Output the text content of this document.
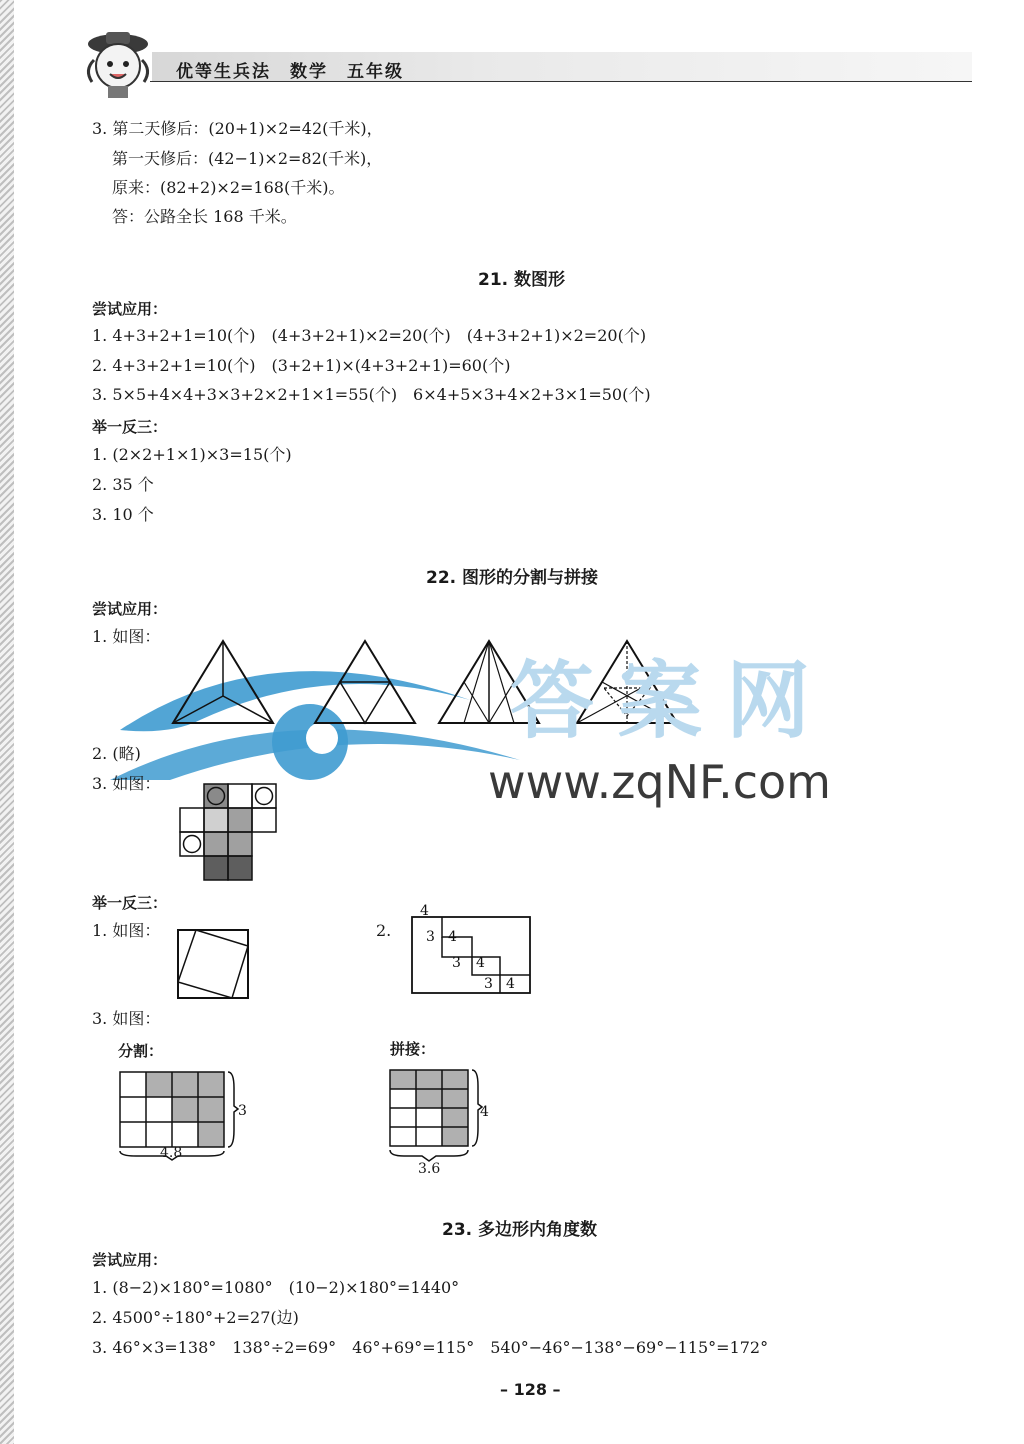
优等生兵法　数学　五年级
3. 第二天修后：(20+1)×2=42(千米)，
第一天修后：(42−1)×2=82(千米)，
原来：(82+2)×2=168(千米)。
答：公路全长 168 千米。
21. 数图形
尝试应用：
1. 4+3+2+1=10(个)　(4+3+2+1)×2=20(个)　(4+3+2+1)×2=20(个)
2. 4+3+2+1=10(个)　(3+2+1)×(4+3+2+1)=60(个)
3. 5×5+4×4+3×3+2×2+1×1=55(个)　6×4+5×3+4×2+3×1=50(个)
举一反三：
1. (2×2+1×1)×3=15(个)
2. 35 个
3. 10 个
22. 图形的分割与拼接
尝试应用：
1. 如图：
答案网
www.zqNF.com
2. (略)
3. 如图：
举一反三：
1. 如图：	2.
4
3 4
3 4
3 4
3. 如图：
分割：	拼接：
3
4.8
4
3.6
23. 多边形内角度数
尝试应用：
1. (8−2)×180°=1080°　(10−2)×180°=1440°
2. 4500°÷180°+2=27(边)
3. 46°×3=138°　138°÷2=69°　46°+69°=115°　540°−46°−138°−69°−115°=172°
– 128 –
